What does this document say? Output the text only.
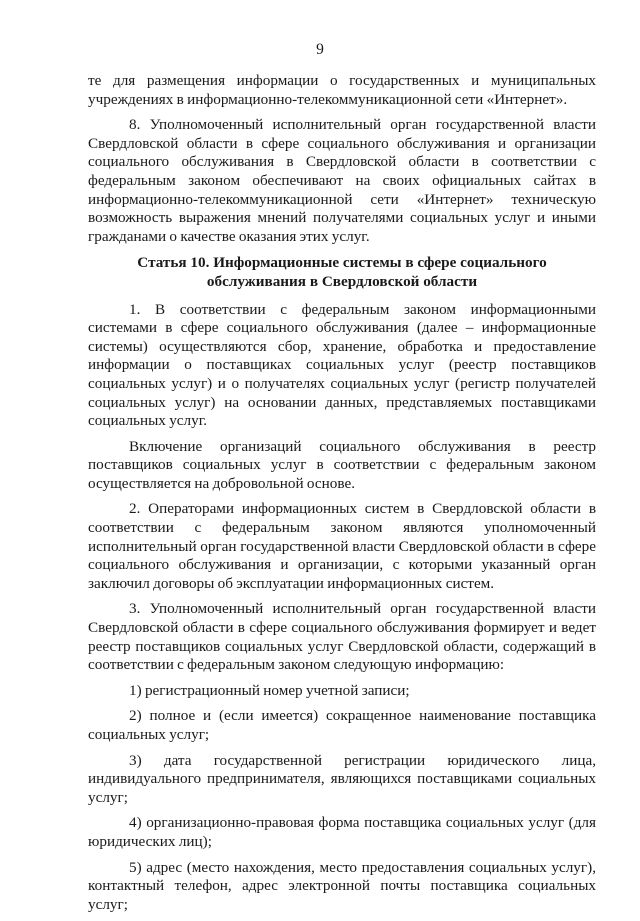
9

те для размещения информации о государственных и муниципальных учреждениях в информационно-телекоммуникационной сети «Интернет».

8. Уполномоченный исполнительный орган государственной власти Свердловской области в сфере социального обслуживания и организации социального обслуживания в Свердловской области в соответствии с федеральным законом обеспечивают на своих официальных сайтах в информационно-телекоммуникационной сети «Интернет» техническую возможность выражения мнений получателями социальных услуг и иными гражданами о качестве оказания этих услуг.

Статья 10. Информационные системы в сфере социального обслуживания в Свердловской области

1. В соответствии с федеральным законом информационными системами в сфере социального обслуживания (далее – информационные системы) осуществляются сбор, хранение, обработка и предоставление информации о поставщиках социальных услуг (реестр поставщиков социальных услуг) и о получателях социальных услуг (регистр получателей социальных услуг) на основании данных, представляемых поставщиками социальных услуг.

Включение организаций социального обслуживания в реестр поставщиков социальных услуг в соответствии с федеральным законом осуществляется на добровольной основе.

2. Операторами информационных систем в Свердловской области в соответствии с федеральным законом являются уполномоченный исполнительный орган государственной власти Свердловской области в сфере социального обслуживания и организации, с которыми указанный орган заключил договоры об эксплуатации информационных систем.

3. Уполномоченный исполнительный орган государственной власти Свердловской области в сфере социального обслуживания формирует и ведет реестр поставщиков социальных услуг Свердловской области, содержащий в соответствии с федеральным законом следующую информацию:

1) регистрационный номер учетной записи;

2) полное и (если имеется) сокращенное наименование поставщика социальных услуг;

3) дата государственной регистрации юридического лица, индивидуального предпринимателя, являющихся поставщиками социальных услуг;

4) организационно-правовая форма поставщика социальных услуг (для юридических лиц);

5) адрес (место нахождения, место предоставления социальных услуг), контактный телефон, адрес электронной почты поставщика социальных услуг;
